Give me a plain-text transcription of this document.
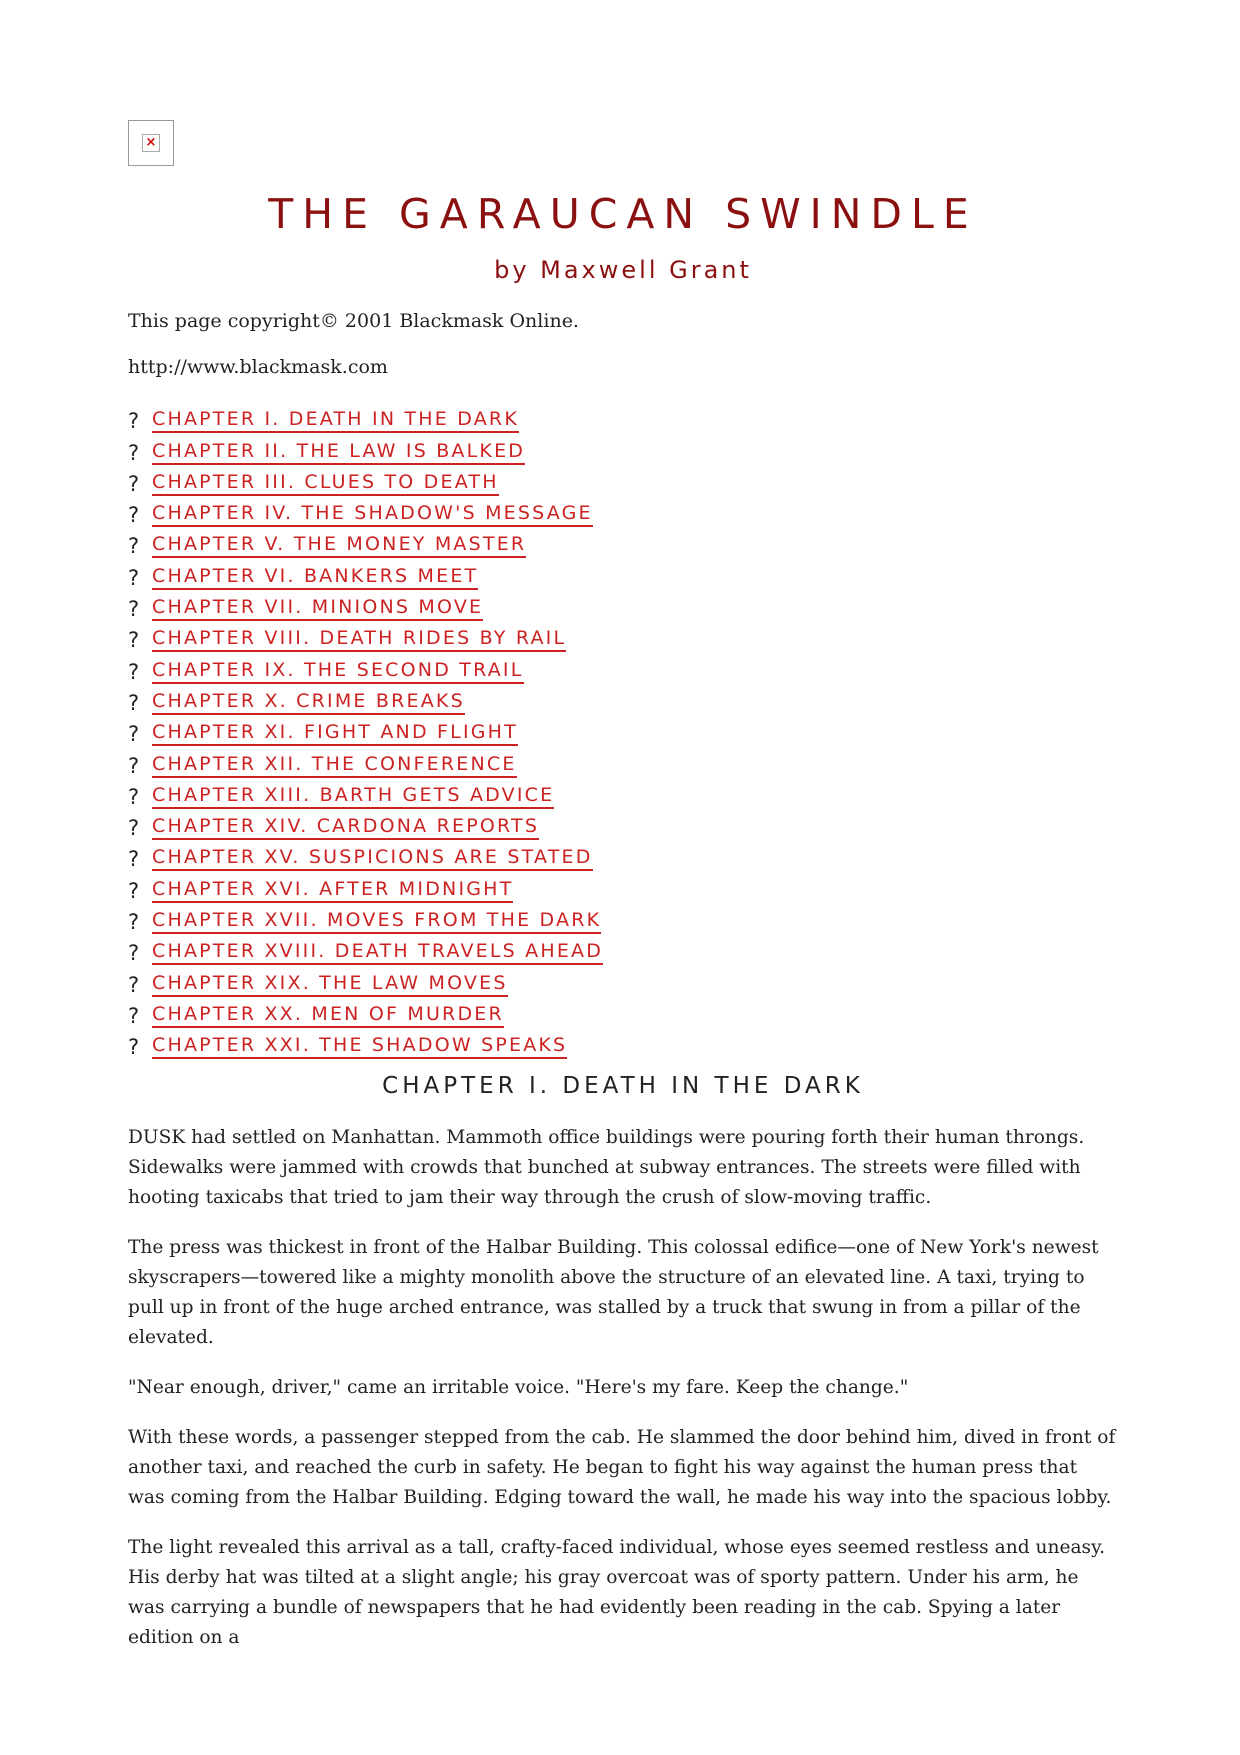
×
THE GARAUCAN SWINDLE
by Maxwell Grant

This page copyright© 2001 Blackmask Online.

http://www.blackmask.com

? CHAPTER I. DEATH IN THE DARK
? CHAPTER II. THE LAW IS BALKED
? CHAPTER III. CLUES TO DEATH
? CHAPTER IV. THE SHADOW'S MESSAGE
? CHAPTER V. THE MONEY MASTER
? CHAPTER VI. BANKERS MEET
? CHAPTER VII. MINIONS MOVE
? CHAPTER VIII. DEATH RIDES BY RAIL
? CHAPTER IX. THE SECOND TRAIL
? CHAPTER X. CRIME BREAKS
? CHAPTER XI. FIGHT AND FLIGHT
? CHAPTER XII. THE CONFERENCE
? CHAPTER XIII. BARTH GETS ADVICE
? CHAPTER XIV. CARDONA REPORTS
? CHAPTER XV. SUSPICIONS ARE STATED
? CHAPTER XVI. AFTER MIDNIGHT
? CHAPTER XVII. MOVES FROM THE DARK
? CHAPTER XVIII. DEATH TRAVELS AHEAD
? CHAPTER XIX. THE LAW MOVES
? CHAPTER XX. MEN OF MURDER
? CHAPTER XXI. THE SHADOW SPEAKS
CHAPTER I. DEATH IN THE DARK

DUSK had settled on Manhattan. Mammoth office buildings were pouring forth their human throngs. Sidewalks were jammed with crowds that bunched at subway entrances. The streets were filled with hooting taxicabs that tried to jam their way through the crush of slow-moving traffic.

The press was thickest in front of the Halbar Building. This colossal edifice—one of New York's newest skyscrapers—towered like a mighty monolith above the structure of an elevated line. A taxi, trying to pull up in front of the huge arched entrance, was stalled by a truck that swung in from a pillar of the elevated.

"Near enough, driver," came an irritable voice. "Here's my fare. Keep the change."

With these words, a passenger stepped from the cab. He slammed the door behind him, dived in front of another taxi, and reached the curb in safety. He began to fight his way against the human press that was coming from the Halbar Building. Edging toward the wall, he made his way into the spacious lobby.

The light revealed this arrival as a tall, crafty-faced individual, whose eyes seemed restless and uneasy. His derby hat was tilted at a slight angle; his gray overcoat was of sporty pattern. Under his arm, he was carrying a bundle of newspapers that he had evidently been reading in the cab. Spying a later edition on a
